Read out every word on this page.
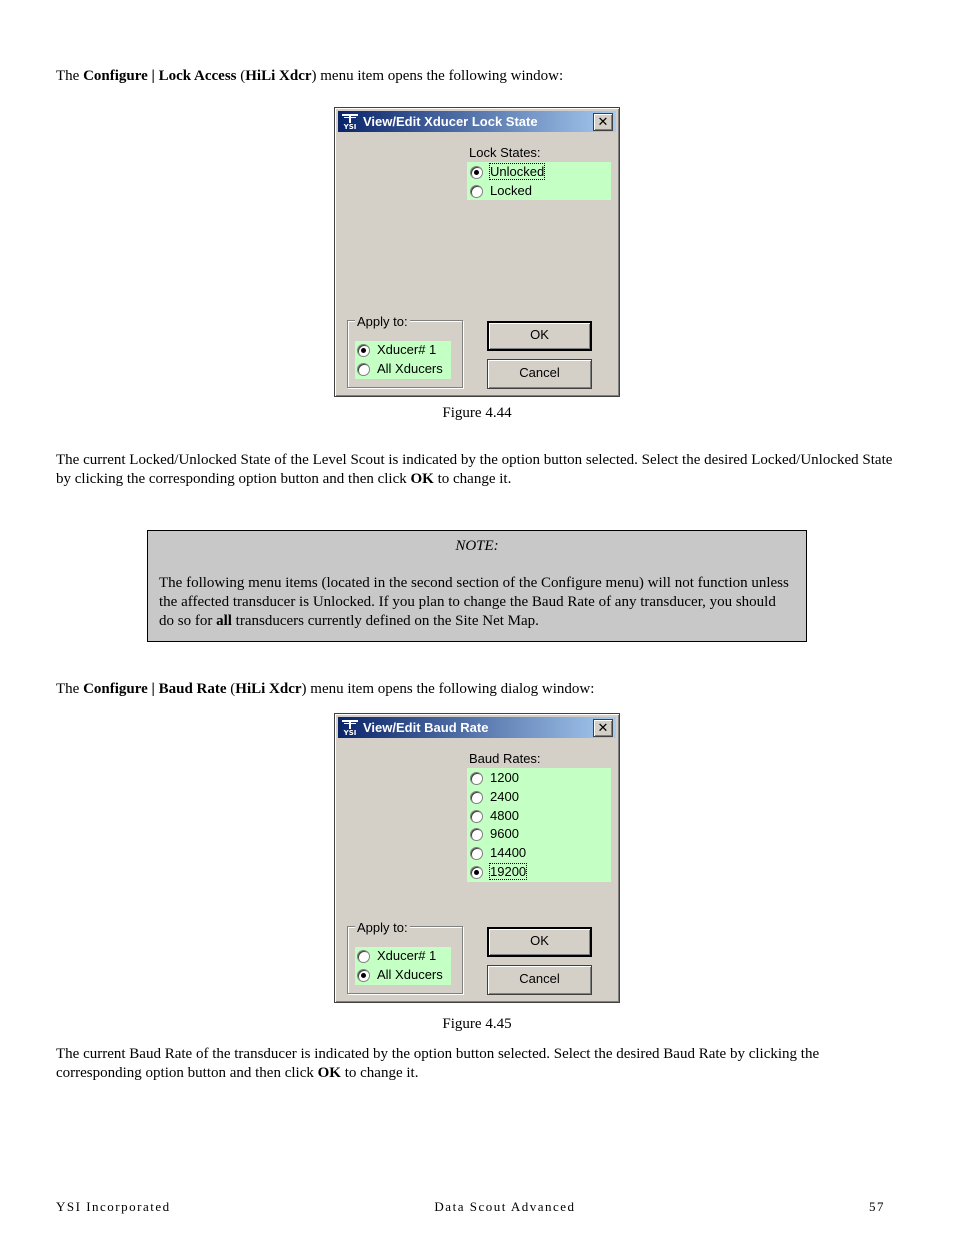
The Configure | Lock Access (HiLi Xdcr) menu item opens the following window:

YSI View/Edit Xducer Lock State	✕
Lock States:
Unlocked
Locked
Apply to:
Xducer# 1
All Xducers
OK
Cancel
Figure 4.44

The current Locked/Unlocked State of the Level Scout is indicated by the option button selected. Select the desired Locked/Unlocked State by clicking the corresponding option button and then click OK to change it.

NOTE:
The following menu items (located in the second section of the Configure menu) will not function unless the affected transducer is Unlocked. If you plan to change the Baud Rate of any transducer, you should do so for all transducers currently defined on the Site Net Map.

The Configure | Baud Rate (HiLi Xdcr) menu item opens the following dialog window:

YSI View/Edit Baud Rate	✕
Baud Rates:
1200
2400
4800
9600
14400
19200
Apply to:
Xducer# 1
All Xducers
OK
Cancel
Figure 4.45

The current Baud Rate of the transducer is indicated by the option button selected. Select the desired Baud Rate by clicking the corresponding option button and then click OK to change it.

YSI Incorporated	Data Scout Advanced	57
